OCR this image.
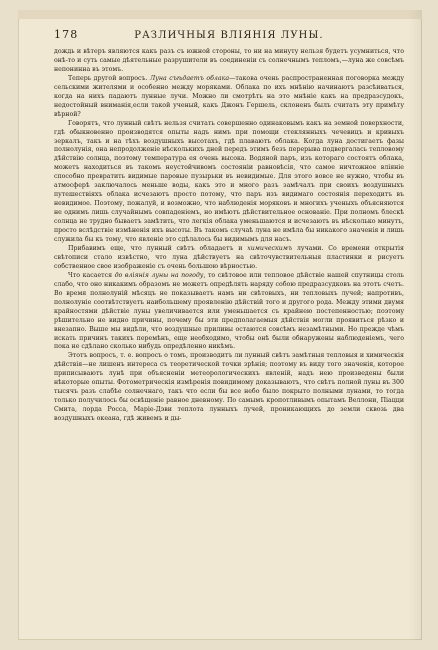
178	РАЗЛИЧНЫЯ ВЛІЯНІЯ ЛУНЫ.

дождь и вѣтеръ являются какъ разъ съ южной стороны, то ни на минуту нельзя будетъ усумниться, что онѣ-то и суть самые дѣятельные разрушители въ соединеніи съ солнечнымъ тепломъ,—луна же совсѣмъ непонинна въ этомъ.

Теперь другой вопросъ. Луна съѣдаетъ облака—такова очень распространенная поговорка между сельскими жителями и особенно между моряками. Облака по ихъ мнѣнію начинаютъ разсѣиваться, когда на нихъ падаютъ лунные лучи. Можно ли смотрѣть на это мнѣніе какъ на предразсудокъ, недостойный вниманія,если такой ученый, какъ Джонъ Гершель, склоненъ былъ считать эту примѣту вѣрной?

Говорятъ, что лунный свѣтъ нельзя считать совершенно одинаковымъ какъ на земной поверхности, гдѣ обыкновенно производятся опыты надъ нимъ при помощи стеклянныхъ чечевицъ и кривыхъ зеркалъ, такъ и на тѣхъ воздушныхъ высотахъ, гдѣ плаваютъ облака. Когда луна достигаетъ фазы полнолунія, она непродолженіе нѣсколькихъ дней передъ этимъ безъ перерыва подвергалась тепловому дѣйствію солнца, поэтому температура ея очень высока. Водяной паръ, изъ котораго состоятъ облака, можетъ находиться въ такомъ неустойчивомъ состояніи равновѣсія, что самое ничтожное вліяніе способно превратить видимые паровые пузырьки въ невидимые. Для этого вовсе не нужно, чтобы въ атмосферѣ заключалось меньше воды, какъ это и много разъ замѣчалъ при своихъ воздушныхъ путешествіяхъ облака исчезаютъ просто потому, что паръ изъ видимаго состоянія переходитъ въ невидимое. Поэтому, пожалуй, и возможно, что наблюденія моряковъ и многихъ ученыхъ объясняются не однимъ лишь случайнымъ совпаденіемъ, но имѣютъ дѣйствительное основаніе. При полномъ блескѣ солнца не трудно бываетъ замѣтить, что легкія облака уменьшаются и исчезаютъ въ нѣсколько минутъ, просто вслѣдствіе измѣненія ихъ высоты. Въ такомъ случаѣ луна не имѣла бы никакого значенія и лишь служила бы къ тому, что явленіе это сдѣлалось бы видимымъ для насъ.

Прибавимъ еще, что лунный свѣтъ обладаетъ и химическимъ лучами. Со времени открытія свѣтописи стало извѣстно, что луна дѣйствуетъ на свѣточувствительныя пластинки и рисуетъ собственное свое изображеніе съ очень большою вѣрностью.

Что касается до вліянія луны на погоду, то свѣтовое или тепловое дѣйствіе нашей спутницы столь слабо, что оно никакимъ образомъ не можетъ опредѣлять наряду собою предразсудковъ на этотъ счетъ. Во время полнолуній мѣсяцъ не показываетъ намъ ни свѣтовыхъ, ни тепловыхъ лучей; напротивъ, полнолуніе соотвѣтствуетъ наибольшему проявленію дѣйствій того и другого рода. Между этими двумя крайностями дѣйствіе луны увеличивается или уменьшается съ крайнею постепенностью; поэтому рѣшительно не видно причины, почему бы эти предполагаемыя дѣйствія могли проявиться рѣзко и внезапно. Выше мы видѣли, что воздушные приливы остаются совсѣмъ незамѣтными. Но прежде чѣмъ искать причинъ такихъ перемѣнъ, еще необходимо, чтобы онѣ были обнаружены наблюденіемъ, чего пока не сдѣлано сколько нибудь опредѣленно никѣмъ.

Этотъ вопросъ, т. е. вопросъ о томъ, производитъ ли лунный свѣтъ замѣтныя тепловыя и химическія дѣйствія—не лишенъ интереса съ теоретической точки зрѣнія; поэтому въ виду того значенія, которое приписываютъ лунѣ при объясненіи метеорологическихъ явленій, надъ нею произведены были нѣкоторые опыты. Фотометрическія измѣренія повидимому доказываютъ, что свѣтъ полной луны въ 300 тысячъ разъ слабѣе солнечнаго, такъ что если бы все небо было покрыто полными лунами, то тогда только получилось бы освѣщеніе равное дневному. По самымъ кропотливымъ опытамъ Веллони, Піацци Смита, лорда Росса, Марiе-Дэви теплота лунныхъ лучей, проникающихъ до земли сквозь два воздушныхъ океана, гдѣ живемъ и ды-
